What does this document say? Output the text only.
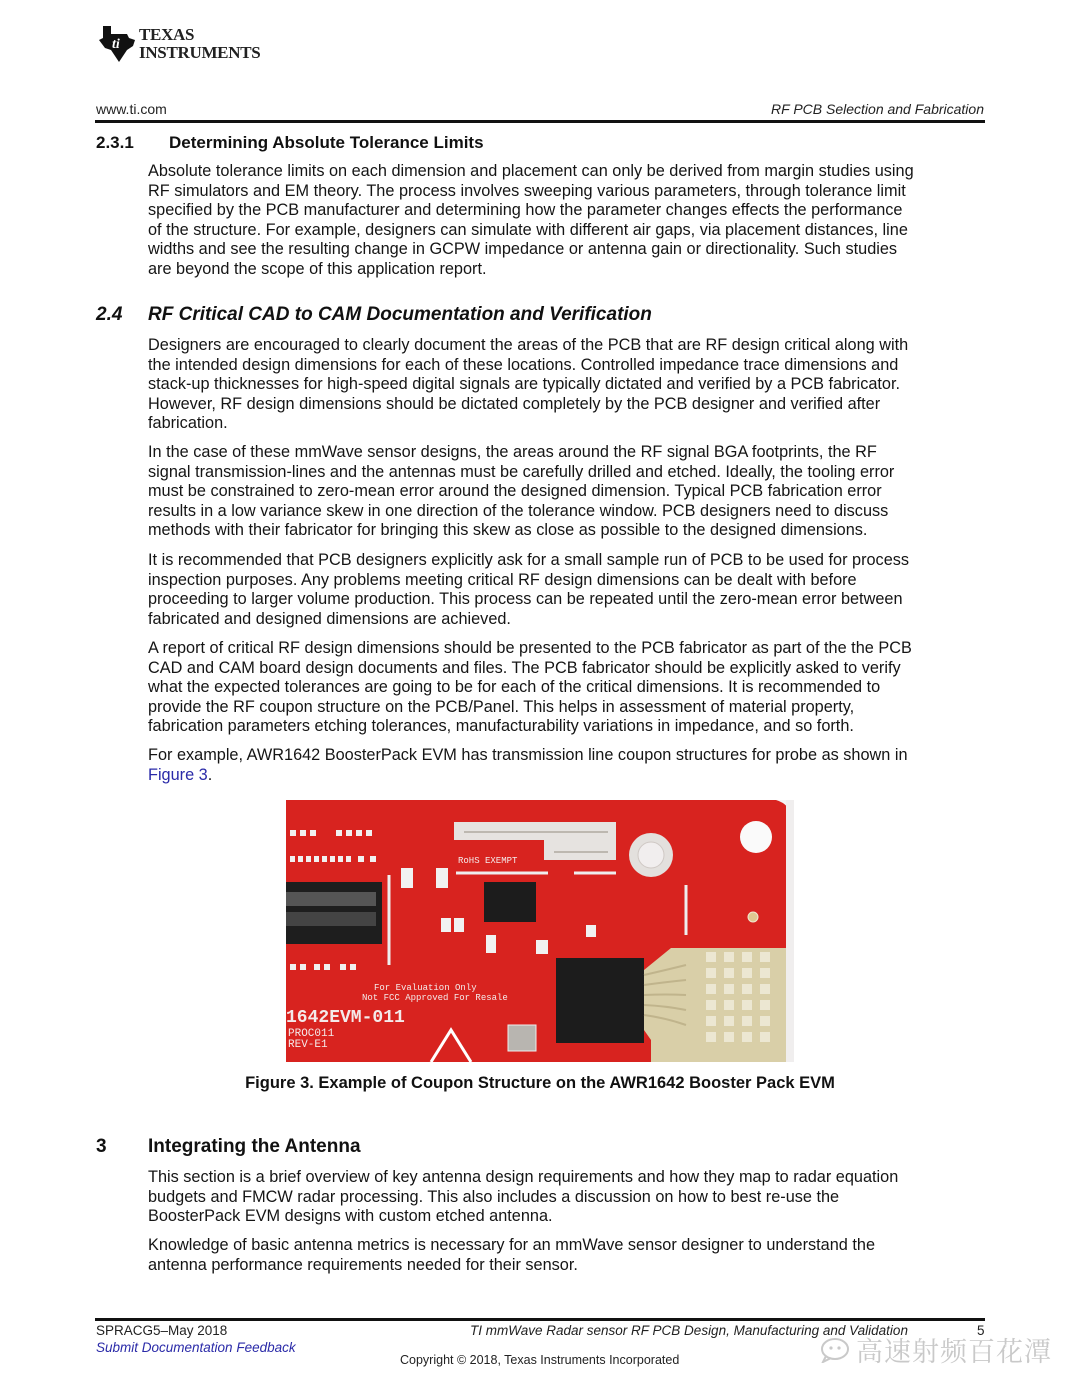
ti
TEXAS
INSTRUMENTS
www.ti.com	RF PCB Selection and Fabrication
2.3.1 Determining Absolute Tolerance Limits
Absolute tolerance limits on each dimension and placement can only be derived from margin studies using
RF simulators and EM theory. The process involves sweeping various parameters, through tolerance limit
specified by the PCB manufacturer and determining how the parameter changes effects the performance
of the structure. For example, designers can simulate with different air gaps, via placement distances, line
widths and see the resulting change in GCPW impedance or antenna gain or directionality. Such studies
are beyond the scope of this application report.
2.4 RF Critical CAD to CAM Documentation and Verification
Designers are encouraged to clearly document the areas of the PCB that are RF design critical along with
the intended design dimensions for each of these locations. Controlled impedance trace dimensions and
stack-up thicknesses for high-speed digital signals are typically dictated and verified by a PCB fabricator.
However, RF design dimensions should be dictated completely by the PCB designer and verified after
fabrication.
In the case of these mmWave sensor designs, the areas around the RF signal BGA footprints, the RF
signal transmission-lines and the antennas must be carefully drilled and etched. Ideally, the tooling error
must be constrained to zero-mean error around the designed dimension. Typical PCB fabrication error
results in a low variance skew in one direction of the tolerance window. PCB designers need to discuss
methods with their fabricator for bringing this skew as close as possible to the designed dimensions.
It is recommended that PCB designers explicitly ask for a small sample run of PCB to be used for process
inspection purposes. Any problems meeting critical RF design dimensions can be dealt with before
proceeding to larger volume production. This process can be repeated until the zero-mean error between
fabricated and designed dimensions are achieved.
A report of critical RF design dimensions should be presented to the PCB fabricator as part of the the PCB
CAD and CAM board design documents and files. The PCB fabricator should be explicitly asked to verify
what the expected tolerances are going to be for each of the critical dimensions. It is recommended to
provide the RF coupon structure on the PCB/Panel. This helps in assessment of material property,
fabrication parameters etching tolerances, manufacturability variations in impedance, and so forth.
For example, AWR1642 BoosterPack EVM has transmission line coupon structures for probe as shown in
Figure 3.
RoHS EXEMPT
For Evaluation Only
Not FCC Approved For Resale
1642EVM-011
PROC011
REV-E1
Figure 3. Example of Coupon Structure on the AWR1642 Booster Pack EVM
3 Integrating the Antenna
This section is a brief overview of key antenna design requirements and how they map to radar equation
budgets and FMCW radar processing. This also includes a discussion on how to best re-use the
BoosterPack EVM designs with custom etched antenna.
Knowledge of basic antenna metrics is necessary for an mmWave sensor designer to understand the
antenna performance requirements needed for their sensor.
SPRACG5–May 2018
Submit Documentation Feedback
TI mmWave Radar sensor RF PCB Design, Manufacturing and Validation	5
Copyright © 2018, Texas Instruments Incorporated	高速射频百花潭
